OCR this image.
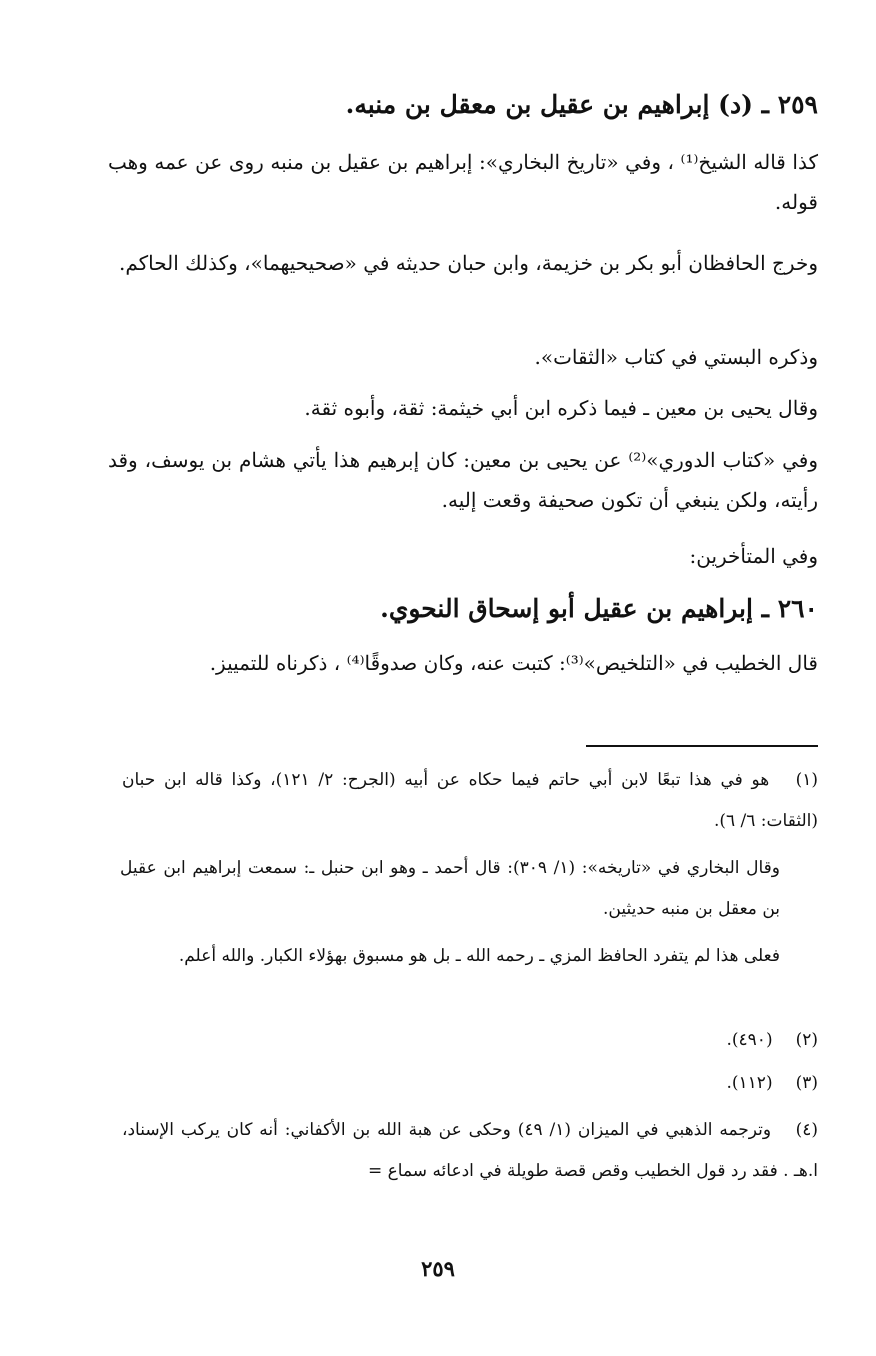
٢٥٩ ـ (د) إبراهيم بن عقيل بن معقل بن منبه.
كذا قاله الشيخ⁽¹⁾ ، وفي «تاريخ البخاري»: إبراهيم بن عقيل بن منبه روى عن عمه وهب قوله.
وخرج الحافظان أبو بكر بن خزيمة، وابن حبان حديثه في «صحيحيهما»، وكذلك الحاكم.
وذكره البستي في كتاب «الثقات».
وقال يحيى بن معين ـ فيما ذكره ابن أبي خيثمة: ثقة، وأبوه ثقة.
وفي «كتاب الدوري»⁽²⁾ عن يحيى بن معين: كان إبرهيم هذا يأتي هشام بن يوسف، وقد رأيته، ولكن ينبغي أن تكون صحيفة وقعت إليه.
وفي المتأخرين:
٢٦٠ ـ إبراهيم بن عقيل أبو إسحاق النحوي.
قال الخطيب في «التلخيص»⁽³⁾: كتبت عنه، وكان صدوقًا⁽⁴⁾ ، ذكرناه للتمييز.
(١) هو في هذا تبعًا لابن أبي حاتم فيما حكاه عن أبيه (الجرح: ٢/ ١٢١)، وكذا قاله ابن حبان (الثقات: ٦/ ٦).
وقال البخاري في «تاريخه»: (١/ ٣٠٩): قال أحمد ـ وهو ابن حنبل ـ: سمعت إبراهيم ابن عقيل بن معقل بن منبه حديثين.
فعلى هذا لم يتفرد الحافظ المزي ـ رحمه الله ـ بل هو مسبوق بهؤلاء الكبار. والله أعلم.
(٢) (٤٩٠).
(٣) (١١٢).
(٤) وترجمه الذهبي في الميزان (١/ ٤٩) وحكى عن هبة الله بن الأكفاني: أنه كان يركب الإسناد، ا.هـ . فقد رد قول الخطيب وقص قصة طويلة في ادعائه سماع =
٢٥٩
